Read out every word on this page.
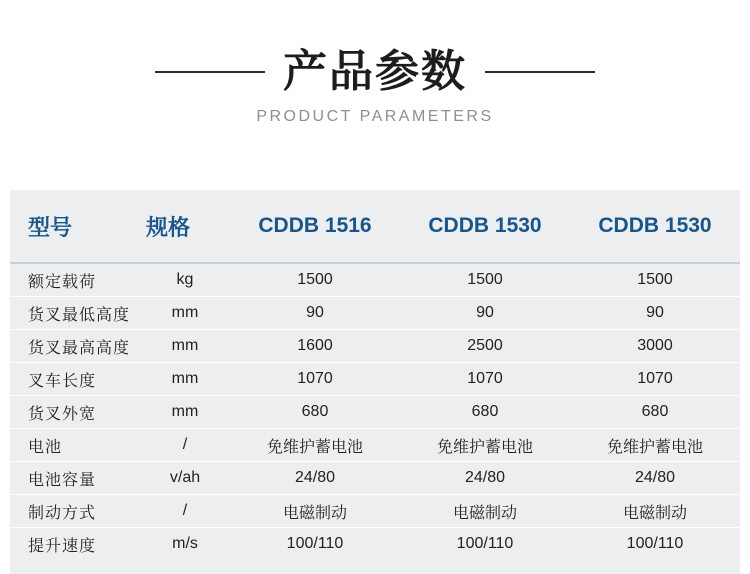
产品参数
PRODUCT PARAMETERS
型号	规格	CDDB 1516	CDDB 1530	CDDB 1530
额定载荷	kg	1500	1500	1500
货叉最低高度	mm	90	90	90
货叉最高高度	mm	1600	2500	3000
叉车长度	mm	1070	1070	1070
货叉外宽	mm	680	680	680
电池	/	免维护蓄电池	免维护蓄电池	免维护蓄电池
电池容量	v/ah	24/80	24/80	24/80
制动方式	/	电磁制动	电磁制动	电磁制动
提升速度	m/s	100/110	100/110	100/110
